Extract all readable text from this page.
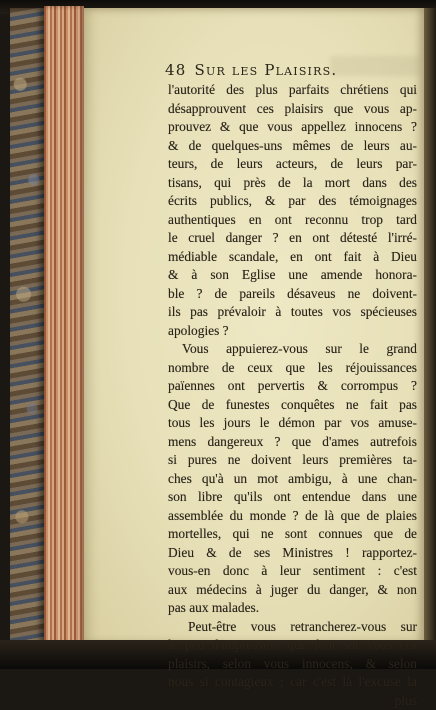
48 Sur les Plaisirs.
l'autorité des plus parfaits chrétiens qui
désapprouvent ces plaisirs que vous ap-
prouvez & que vous appellez innocens ?
& de quelques-uns mêmes de leurs au-
teurs, de leurs acteurs, de leurs par-
tisans, qui près de la mort dans des
écrits publics, & par des témoignages
authentiques en ont reconnu trop tard
le cruel danger ? en ont détesté l'irré-
médiable scandale, en ont fait à Dieu
& à son Eglise une amende honora-
ble ? de pareils désaveus ne doivent-
ils pas prévaloir à toutes vos spécieuses
apologies ?
Vous appuierez-vous sur le grand
nombre de ceux que les réjouissances
païennes ont pervertis & corrompus ?
Que de funestes conquêtes ne fait pas
tous les jours le démon par vos amuse-
mens dangereux ? que d'ames autrefois
si pures ne doivent leurs premières ta-
ches qu'à un mot ambigu, à une chan-
son libre qu'ils ont entendue dans une
assemblée du monde ? de là que de plaies
mortelles, qui ne sont connues que de
Dieu & de ses Ministres ! rapportez-
vous-en donc à leur sentiment : c'est
aux médecins à juger du danger, & non
pas aux malades.
Peut-être vous retrancherez-vous sur
le peu d'impression que font sur vous ces
plaisirs, selon vous innocens, & selon
nous si contagieux ; car c'est là l'excuse la
plus
